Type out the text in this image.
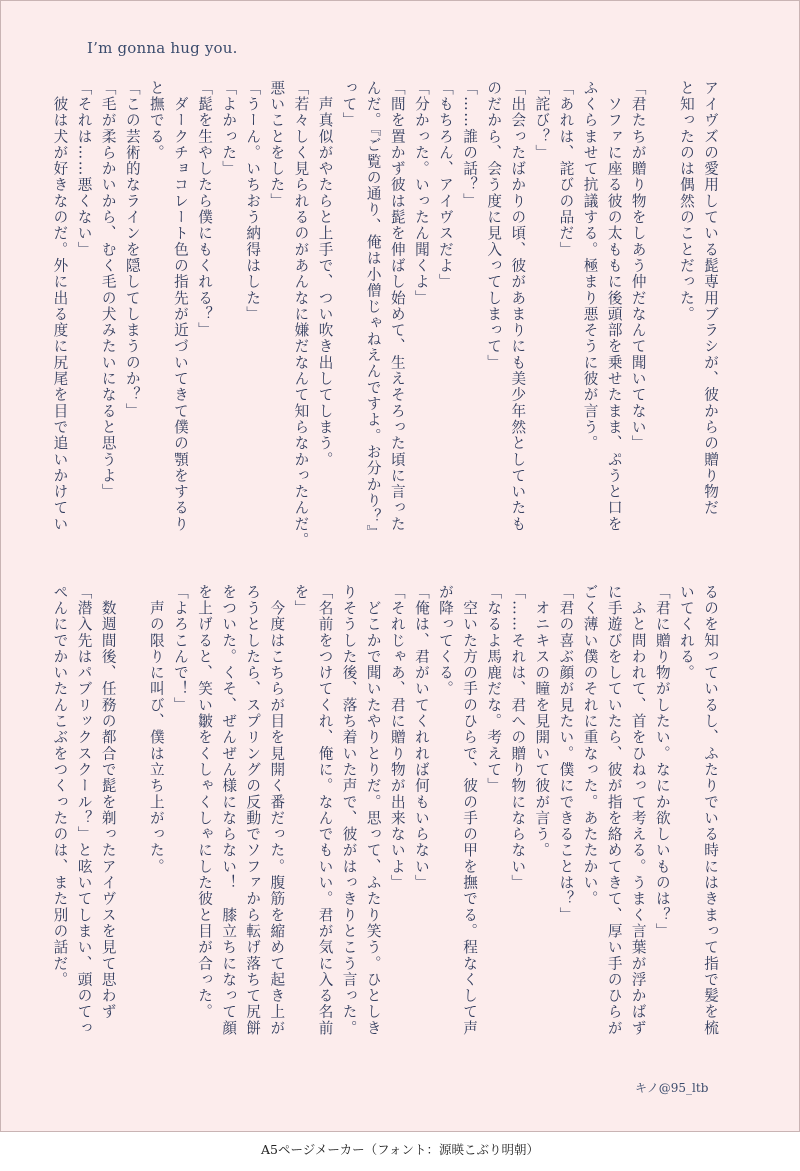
I’m gonna hug you.
アイヴズの愛用している髭専用ブラシが、彼からの贈り物だ
と知ったのは偶然のことだった。

「君たちが贈り物をしあう仲だなんて聞いてない」
　ソファに座る彼の太ももに後頭部を乗せたまま、ぷうと口を
ふくらませて抗議する。極まり悪そうに彼が言う。
「あれは、詫びの品だ」
「詫び？」
「出会ったばかりの頃、彼があまりにも美少年然としていたも
のだから、会う度に見入ってしまって」
「……誰の話？」
「もちろん、アイヴスだよ」
「分かった。いったん聞くよ」
「間を置かず彼は髭を伸ばし始めて、生えそろった頃に言った
んだ。『ご覧の通り、俺は小僧じゃねえんですよ。お分かり？』
って」
　声真似がやたらと上手で、つい吹き出してしまう。
「若々しく見られるのがあんなに嫌だなんて知らなかったんだ。
悪いことをした」
「うーん。いちおう納得はした」
「よかった」
「髭を生やしたら僕にもくれる？」
　ダークチョコレート色の指先が近づいてきて僕の顎をするり
と撫でる。
「この芸術的なラインを隠してしまうのか？」
「毛が柔らかいから、むく毛の犬みたいになると思うよ」
「それは……悪くない」
　彼は犬が好きなのだ。外に出る度に尻尾を目で追いかけてい
るのを知っているし、ふたりでいる時にはきまって指で髪を梳
いてくれる。
「君に贈り物がしたい。なにか欲しいものは？」
　ふと問われて、首をひねって考える。うまく言葉が浮かばず
に手遊びをしていたら、彼が指を絡めてきて、厚い手のひらが
ごく薄い僕のそれに重なった。あたたかい。
「君の喜ぶ顔が見たい。僕にできることは？」
　オニキスの瞳を見開いて彼が言う。
「……それは、君への贈り物にならない」
「なるよ馬鹿だな。考えて」
　空いた方の手のひらで、彼の手の甲を撫でる。程なくして声
が降ってくる。
「俺は、君がいてくれれば何もいらない」
「それじゃあ、君に贈り物が出来ないよ」
　どこかで聞いたやりとりだ。思って、ふたり笑う。ひとしき
りそうした後、落ち着いた声で、彼がはっきりとこう言った。
「名前をつけてくれ、俺に。なんでもいい。君が気に入る名前
を」
　今度はこちらが目を見開く番だった。腹筋を縮めて起き上が
ろうとしたら、スプリングの反動でソファから転げ落ちて尻餅
をついた。くそ、ぜんぜん様にならない！　膝立ちになって顔
を上げると、笑い皺をくしゃくしゃにした彼と目が合った。
「よろこんで！」
　声の限りに叫び、僕は立ち上がった。

　数週間後、任務の都合で髭を剃ったアイヴスを見て思わず
「潜入先はパブリックスクール？」と呟いてしまい、頭のてっ
ぺんにでかいたんこぶをつくったのは、また別の話だ。
キノ@95_ltb
A5ページメーカー（フォント：源暎こぶり明朝）
